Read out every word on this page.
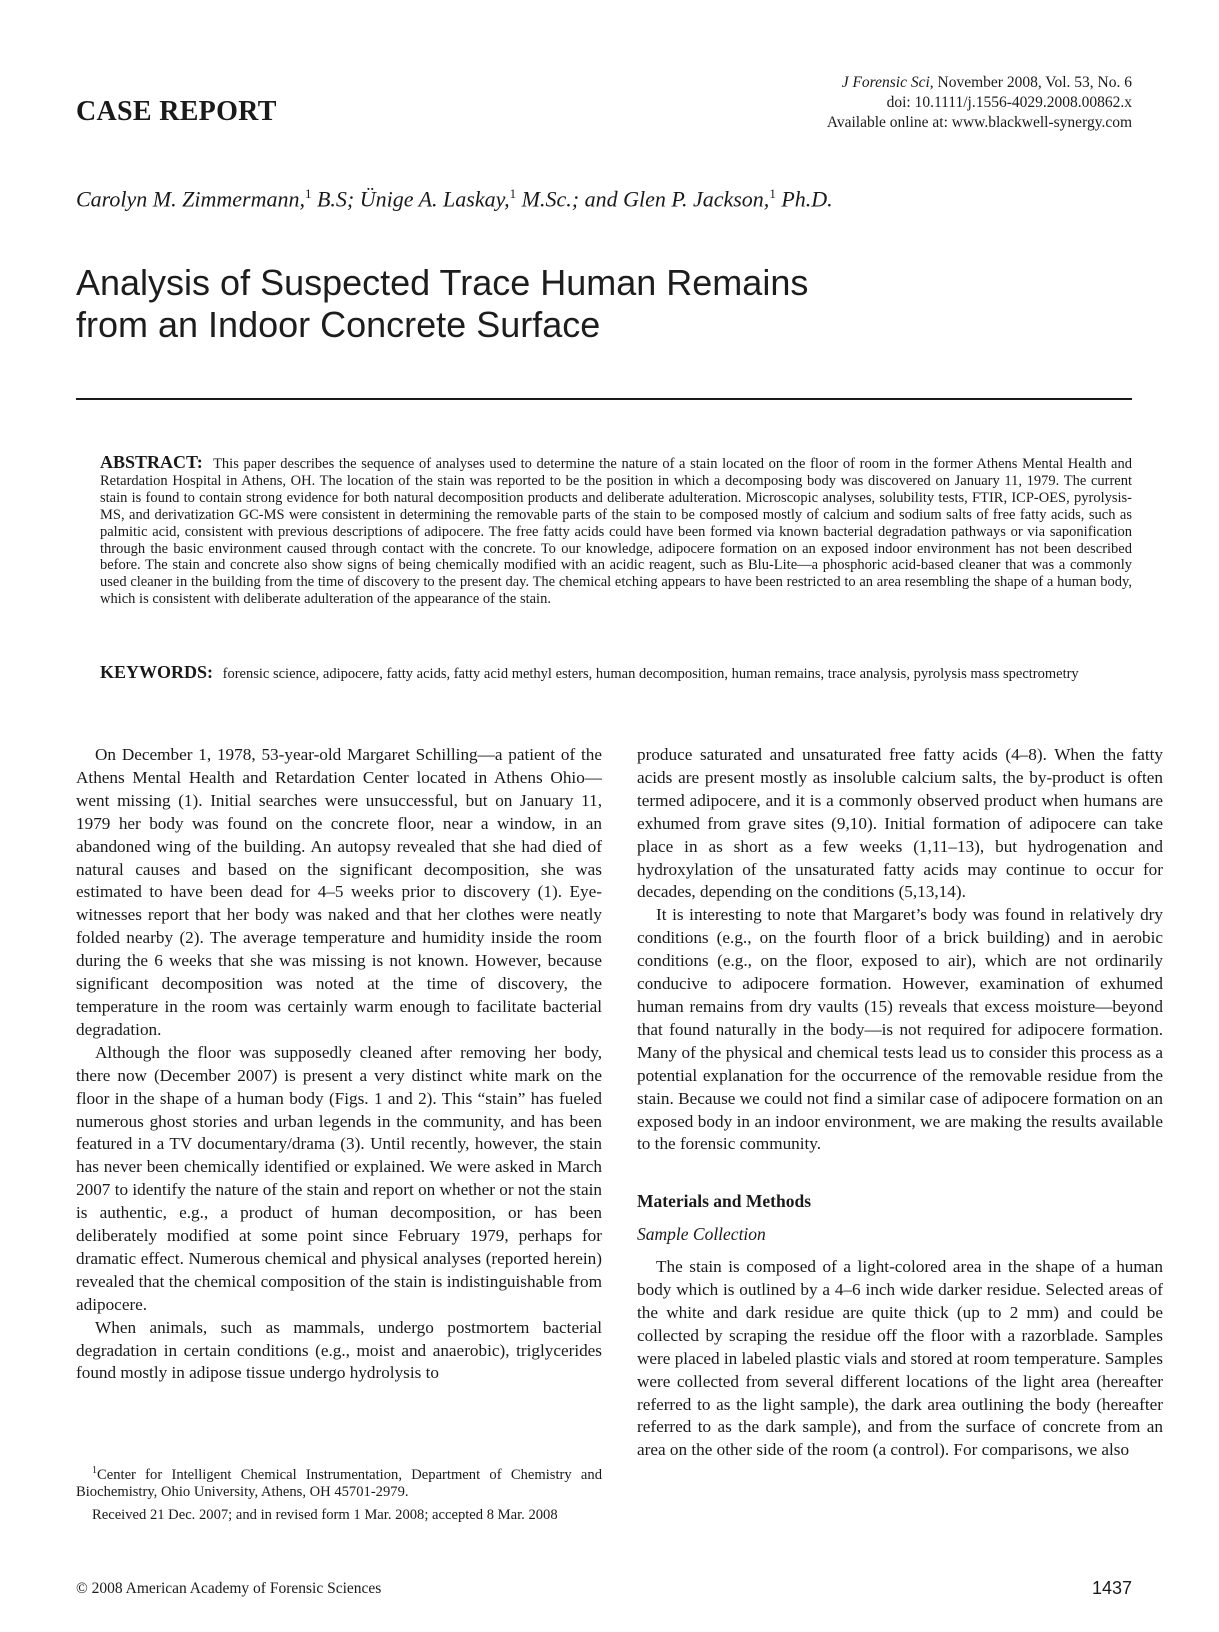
CASE REPORT
J Forensic Sci, November 2008, Vol. 53, No. 6
doi: 10.1111/j.1556-4029.2008.00862.x
Available online at: www.blackwell-synergy.com
Carolyn M. Zimmermann,$^1$ B.S; Ünige A. Laskay,$^1$ M.Sc.; and Glen P. Jackson,$^1$ Ph.D.
Analysis of Suspected Trace Human Remains
from an Indoor Concrete Surface
ABSTRACT: This paper describes the sequence of analyses used to determine the nature of a stain located on the floor of room in the former Athens Mental Health and Retardation Hospital in Athens, OH. The location of the stain was reported to be the position in which a decomposing body was discovered on January 11, 1979. The current stain is found to contain strong evidence for both natural decomposition products and deliberate adulteration. Microscopic analyses, solubility tests, FTIR, ICP-OES, pyrolysis-MS, and derivatization GC-MS were consistent in determining the removable parts of the stain to be composed mostly of calcium and sodium salts of free fatty acids, such as palmitic acid, consistent with previous descriptions of adipocere. The free fatty acids could have been formed via known bacterial degradation pathways or via saponification through the basic environment caused through contact with the concrete. To our knowledge, adipocere formation on an exposed indoor environment has not been described before. The stain and concrete also show signs of being chemically modified with an acidic reagent, such as Blu-Lite—a phosphoric acid-based cleaner that was a commonly used cleaner in the building from the time of discovery to the present day. The chemical etching appears to have been restricted to an area resembling the shape of a human body, which is consistent with deliberate adulteration of the appearance of the stain.
KEYWORDS: forensic science, adipocere, fatty acids, fatty acid methyl esters, human decomposition, human remains, trace analysis, pyrolysis mass spectrometry

On December 1, 1978, 53-year-old Margaret Schilling—a patient of the Athens Mental Health and Retardation Center located in Athens Ohio—went missing (1). Initial searches were unsuccessful, but on January 11, 1979 her body was found on the concrete floor, near a window, in an abandoned wing of the building. An autopsy revealed that she had died of natural causes and based on the significant decomposition, she was estimated to have been dead for 4–5 weeks prior to discovery (1). Eye-witnesses report that her body was naked and that her clothes were neatly folded nearby (2). The average temperature and humidity inside the room during the 6 weeks that she was missing is not known. However, because significant decomposition was noted at the time of discovery, the temperature in the room was certainly warm enough to facilitate bacterial degradation.

Although the floor was supposedly cleaned after removing her body, there now (December 2007) is present a very distinct white mark on the floor in the shape of a human body (Figs. 1 and 2). This “stain” has fueled numerous ghost stories and urban legends in the community, and has been featured in a TV documentary/drama (3). Until recently, however, the stain has never been chemically identified or explained. We were asked in March 2007 to identify the nature of the stain and report on whether or not the stain is authentic, e.g., a product of human decomposition, or has been deliberately modified at some point since February 1979, perhaps for dramatic effect. Numerous chemical and physical analyses (reported herein) revealed that the chemical composition of the stain is indistinguishable from adipocere.

When animals, such as mammals, undergo postmortem bacterial degradation in certain conditions (e.g., moist and anaerobic), triglycerides found mostly in adipose tissue undergo hydrolysis to

$^1$Center for Intelligent Chemical Instrumentation, Department of Chemistry and Biochemistry, Ohio University, Athens, OH 45701-2979.

Received 21 Dec. 2007; and in revised form 1 Mar. 2008; accepted 8 Mar. 2008

produce saturated and unsaturated free fatty acids (4–8). When the fatty acids are present mostly as insoluble calcium salts, the by-product is often termed adipocere, and it is a commonly observed product when humans are exhumed from grave sites (9,10). Initial formation of adipocere can take place in as short as a few weeks (1,11–13), but hydrogenation and hydroxylation of the unsaturated fatty acids may continue to occur for decades, depending on the conditions (5,13,14).

It is interesting to note that Margaret’s body was found in relatively dry conditions (e.g., on the fourth floor of a brick building) and in aerobic conditions (e.g., on the floor, exposed to air), which are not ordinarily conducive to adipocere formation. However, examination of exhumed human remains from dry vaults (15) reveals that excess moisture—beyond that found naturally in the body—is not required for adipocere formation. Many of the physical and chemical tests lead us to consider this process as a potential explanation for the occurrence of the removable residue from the stain. Because we could not find a similar case of adipocere formation on an exposed body in an indoor environment, we are making the results available to the forensic community.

Materials and Methods

Sample Collection

The stain is composed of a light-colored area in the shape of a human body which is outlined by a 4–6 inch wide darker residue. Selected areas of the white and dark residue are quite thick (up to 2 mm) and could be collected by scraping the residue off the floor with a razorblade. Samples were placed in labeled plastic vials and stored at room temperature. Samples were collected from several different locations of the light area (hereafter referred to as the light sample), the dark area outlining the body (hereafter referred to as the dark sample), and from the surface of concrete from an area on the other side of the room (a control). For comparisons, we also

© 2008 American Academy of Forensic Sciences	1437
